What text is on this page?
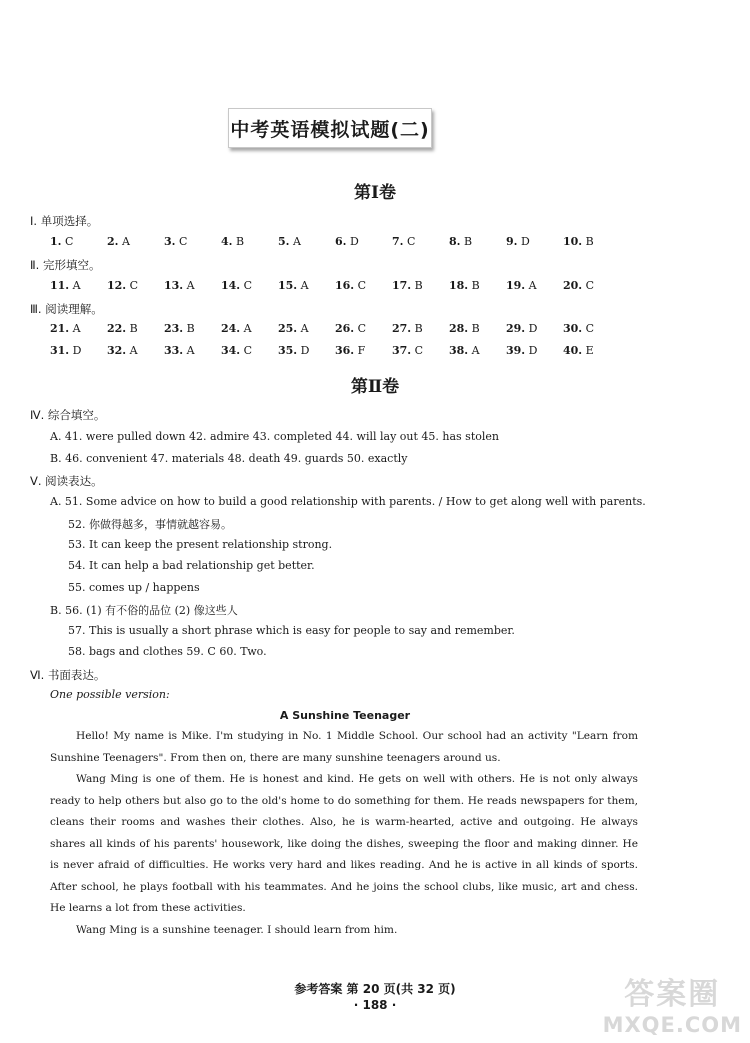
中考英语模拟试题(二)
第Ⅰ卷
Ⅰ. 单项选择。
1. C	2. A	3. C	4. B	5. A	6. D	7. C	8. B	9. D	10. B
Ⅱ. 完形填空。
11. A 12. C 13. A 14. C 15. A 16. C 17. B 18. B 19. A 20. C
Ⅲ. 阅读理解。
21. A 22. B 23. B 24. A 25. A 26. C 27. B 28. B 29. D 30. C
31. D 32. A 33. A 34. C 35. D 36. F 37. C 38. A 39. D 40. E
第Ⅱ卷
Ⅳ. 综合填空。
A. 41. were pulled down 42. admire 43. completed 44. will lay out 45. has stolen
B. 46. convenient 47. materials 48. death 49. guards 50. exactly
Ⅴ. 阅读表达。
A. 51. Some advice on how to build a good relationship with parents. / How to get along well with parents.
52. 你做得越多，事情就越容易。
53. It can keep the present relationship strong.
54. It can help a bad relationship get better.
55. comes up / happens
B. 56. (1) 有不俗的品位 (2) 像这些人
57. This is usually a short phrase which is easy for people to say and remember.
58. bags and clothes 59. C 60. Two.
Ⅵ. 书面表达。
One possible version:
A Sunshine Teenager

Hello! My name is Mike. I'm studying in No. 1 Middle School. Our school had an activity "Learn from Sunshine Teenagers". From then on, there are many sunshine teenagers around us.

Wang Ming is one of them. He is honest and kind. He gets on well with others. He is not only always ready to help others but also go to the old's home to do something for them. He reads newspapers for them, cleans their rooms and washes their clothes. Also, he is warm-hearted, active and outgoing. He always shares all kinds of his parents' housework, like doing the dishes, sweeping the floor and making dinner. He is never afraid of difficulties. He works very hard and likes reading. And he is active in all kinds of sports. After school, he plays football with his teammates. And he joins the school clubs, like music, art and chess. He learns a lot from these activities.

Wang Ming is a sunshine teenager. I should learn from him.

参考答案 第 20 页(共 32 页)
· 188 ·	答案圈
MXQE.COM
